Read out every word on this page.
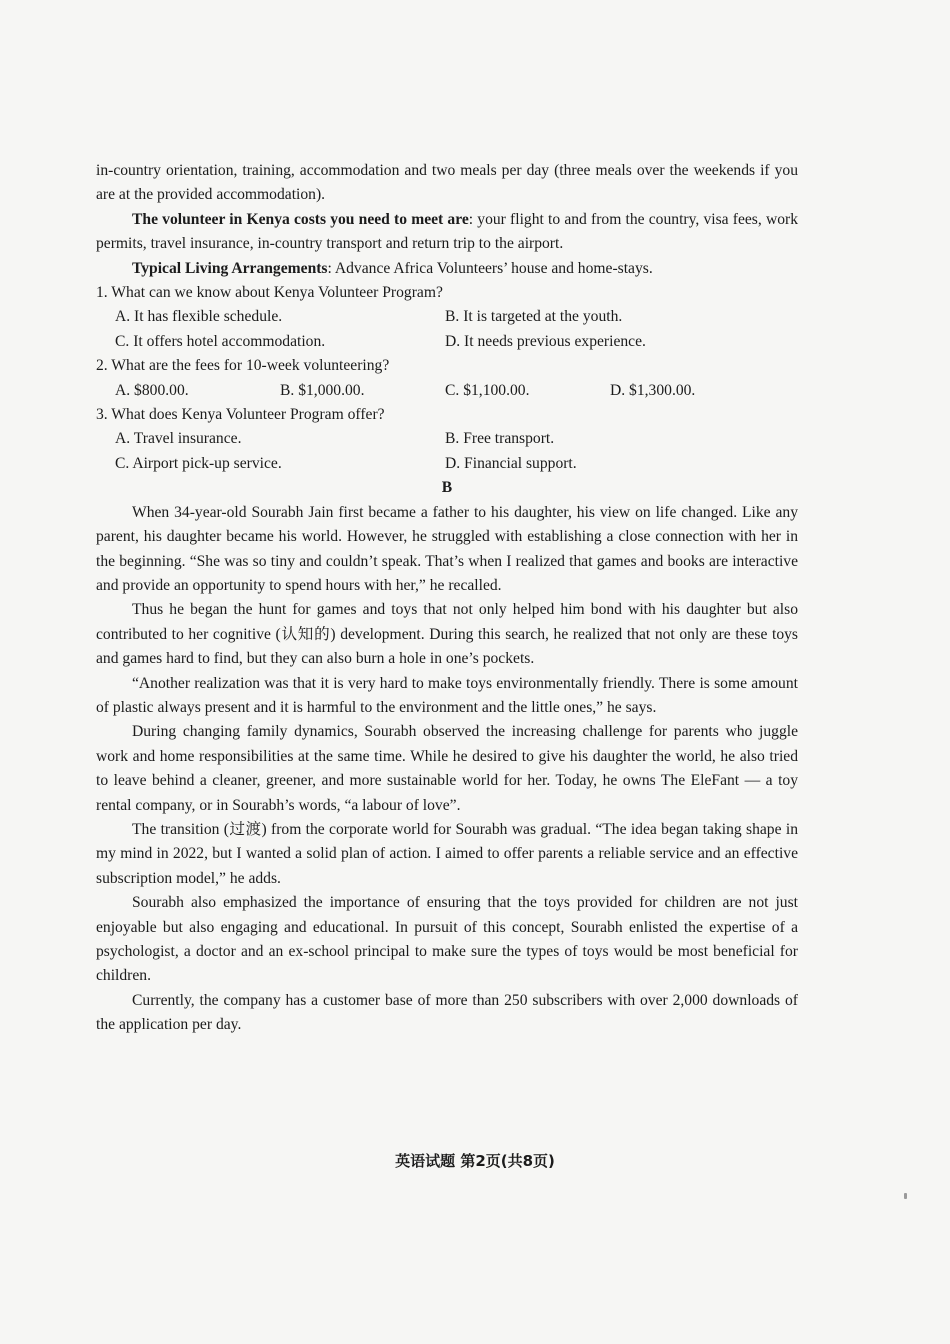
in-country orientation, training, accommodation and two meals per day (three meals over the weekends if you are at the provided accommodation).

The volunteer in Kenya costs you need to meet are: your flight to and from the country, visa fees, work permits, travel insurance, in-country transport and return trip to the airport.

Typical Living Arrangements: Advance Africa Volunteers’ house and home-stays.

1. What can we know about Kenya Volunteer Program?

A. It has flexible schedule.	B. It is targeted at the youth.
C. It offers hotel accommodation.	D. It needs previous experience.

2. What are the fees for 10-week volunteering?

A. $800.00.	B. $1,000.00.	C. $1,100.00.	D. $1,300.00.

3. What does Kenya Volunteer Program offer?

A. Travel insurance.	B. Free transport.
C. Airport pick-up service.	D. Financial support.

B

When 34-year-old Sourabh Jain first became a father to his daughter, his view on life changed. Like any parent, his daughter became his world. However, he struggled with establishing a close connection with her in the beginning. “She was so tiny and couldn’t speak. That’s when I realized that games and books are interactive and provide an opportunity to spend hours with her,” he recalled.

Thus he began the hunt for games and toys that not only helped him bond with his daughter but also contributed to her cognitive (认知的) development. During this search, he realized that not only are these toys and games hard to find, but they can also burn a hole in one’s pockets.

“Another realization was that it is very hard to make toys environmentally friendly. There is some amount of plastic always present and it is harmful to the environment and the little ones,” he says.

During changing family dynamics, Sourabh observed the increasing challenge for parents who juggle work and home responsibilities at the same time. While he desired to give his daughter the world, he also tried to leave behind a cleaner, greener, and more sustainable world for her. Today, he owns The EleFant — a toy rental company, or in Sourabh’s words, “a labour of love”.

The transition (过渡) from the corporate world for Sourabh was gradual. “The idea began taking shape in my mind in 2022, but I wanted a solid plan of action. I aimed to offer parents a reliable service and an effective subscription model,” he adds.

Sourabh also emphasized the importance of ensuring that the toys provided for children are not just enjoyable but also engaging and educational. In pursuit of this concept, Sourabh enlisted the expertise of a psychologist, a doctor and an ex-school principal to make sure the types of toys would be most beneficial for children.

Currently, the company has a customer base of more than 250 subscribers with over 2,000 downloads of the application per day.

英语试题 第2页(共8页)
